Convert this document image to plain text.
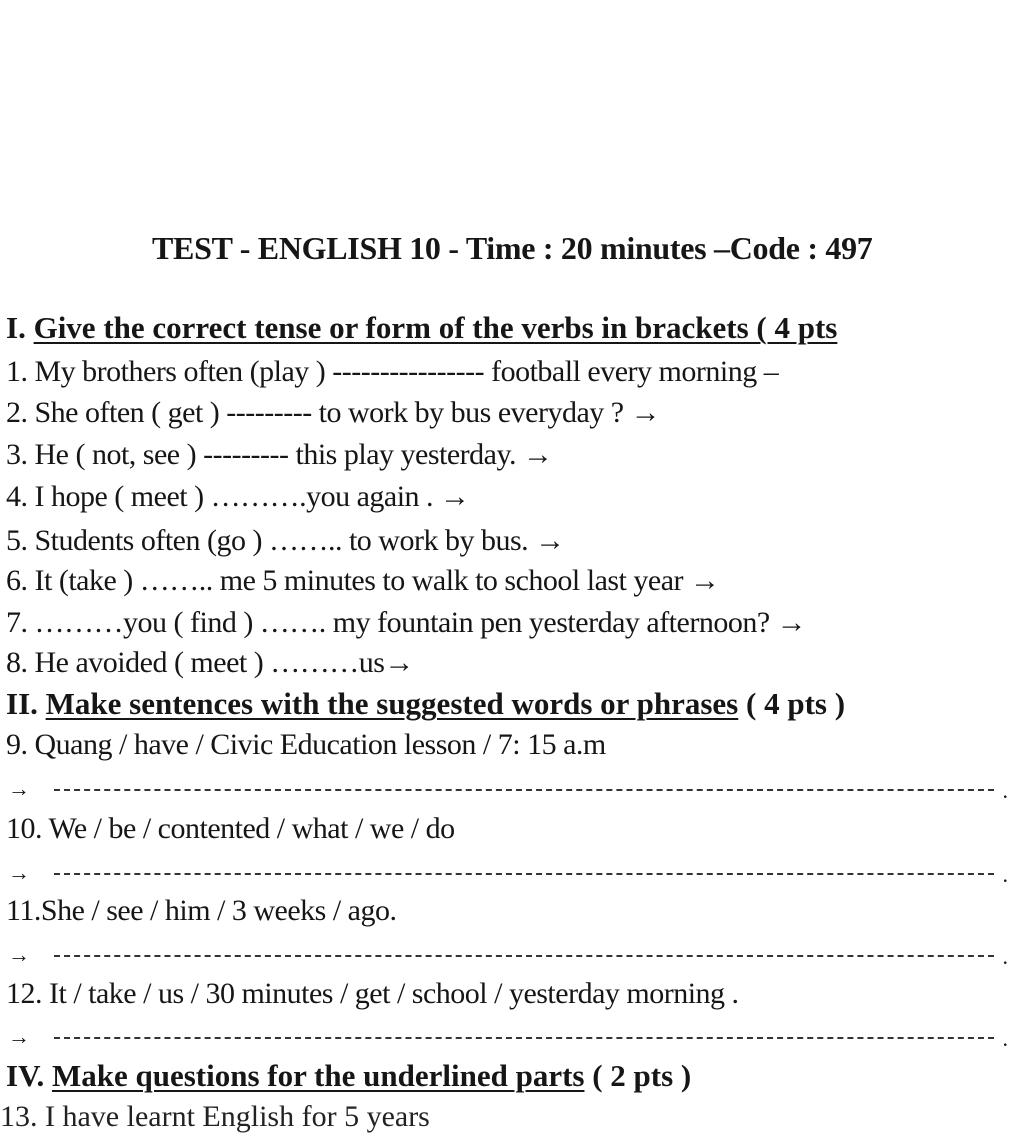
TEST - ENGLISH 10 - Time : 20 minutes –Code : 497
I. Give the correct tense or form of the verbs in brackets ( 4 pts
1. My brothers often (play ) ---------------- football every morning –
2. She often ( get ) --------- to work by bus everyday ? →
3. He ( not, see ) --------- this play yesterday. →
4. I hope ( meet ) ……….you again . →
5. Students often (go ) …….. to work by bus. →
6. It (take ) …….. me 5 minutes to walk to school last year →
7. ………you ( find ) ……. my fountain pen yesterday afternoon? →
8. He avoided ( meet ) ………us→
II. Make sentences with the suggested words or phrases ( 4 pts )
9. Quang / have / Civic Education lesson / 7: 15 a.m
→	.
10. We / be / contented / what / we / do
→	.
11.She / see / him / 3 weeks / ago.
→	.
12. It / take / us / 30 minutes / get / school / yesterday morning .
→	.
IV. Make questions for the underlined parts ( 2 pts )
13. I have learnt English for 5 years
